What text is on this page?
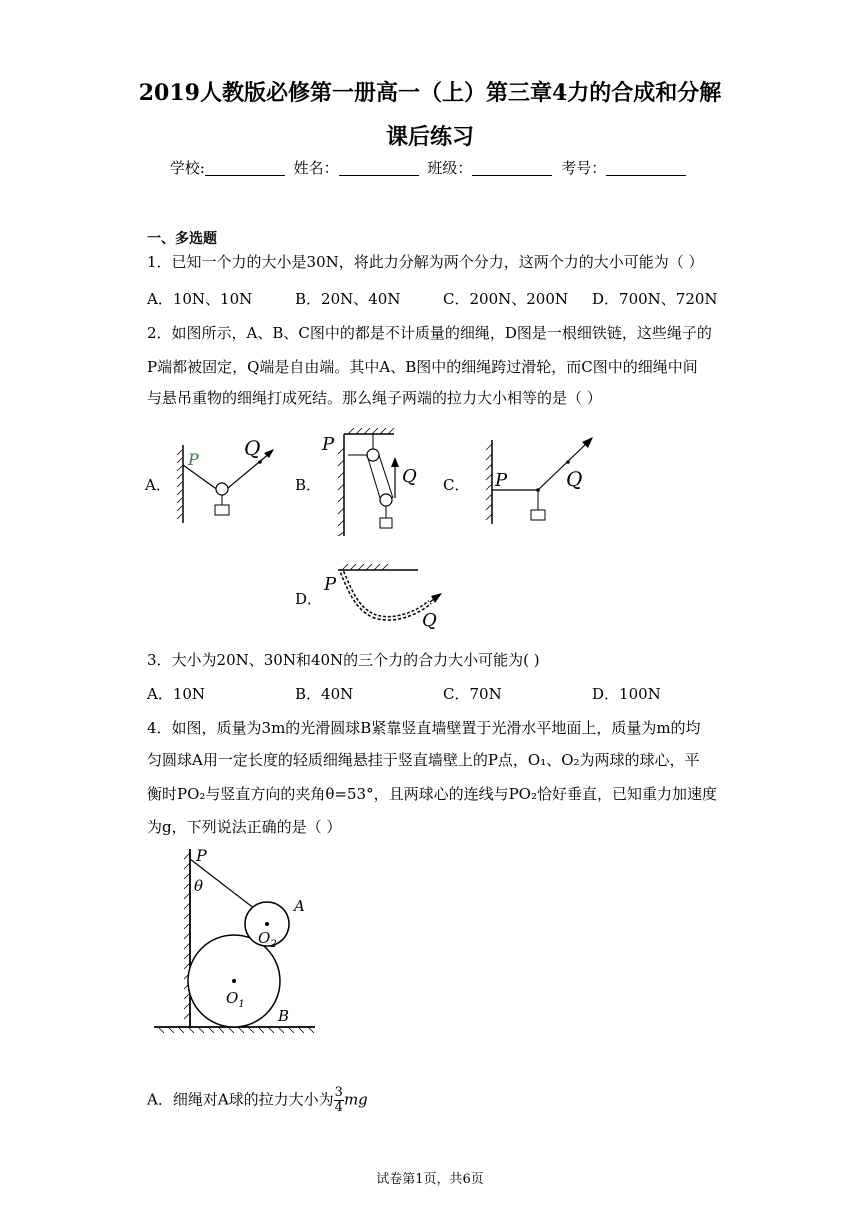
2019人教版必修第一册高一（上）第三章4力的合成和分解
课后练习
学校:	姓名：	班级：	考号：
一、多选题
1．已知一个力的大小是30N，将此力分解为两个分力，这两个力的大小可能为（ ）
A．10N、10N	B．20N、40N	C．200N、200N D．700N、720N
2．如图所示，A、B、C图中的都是不计质量的细绳，D图是一根细铁链，这些绳子的
P端都被固定，Q端是自由端。其中A、B图中的细绳跨过滑轮，而C图中的细绳中间
与悬吊重物的细绳打成死结。那么绳子两端的拉力大小相等的是（ ）
A．	B．	C．
D．
P Q	P
Q	P	Q
P
Q
3．大小为20N、30N和40N的三个力的合力大小可能为( )
A．10N	B．40N	C．70N	D．100N
4．如图，质量为3m的光滑圆球B紧靠竖直墙壁置于光滑水平地面上，质量为m的均
匀圆球A用一定长度的轻质细绳悬挂于竖直墙壁上的P点，O₁、O₂为两球的球心，平
衡时PO₂与竖直方向的夹角θ=53°，且两球心的连线与PO₂恰好垂直，已知重力加速度
为g，下列说法正确的是（ ）
P
θ
A
B
$O_1$
$O_2$
A．细绳对A球的拉力大小为 $\frac{3}{4}$ mg
试卷第1页，共6页
